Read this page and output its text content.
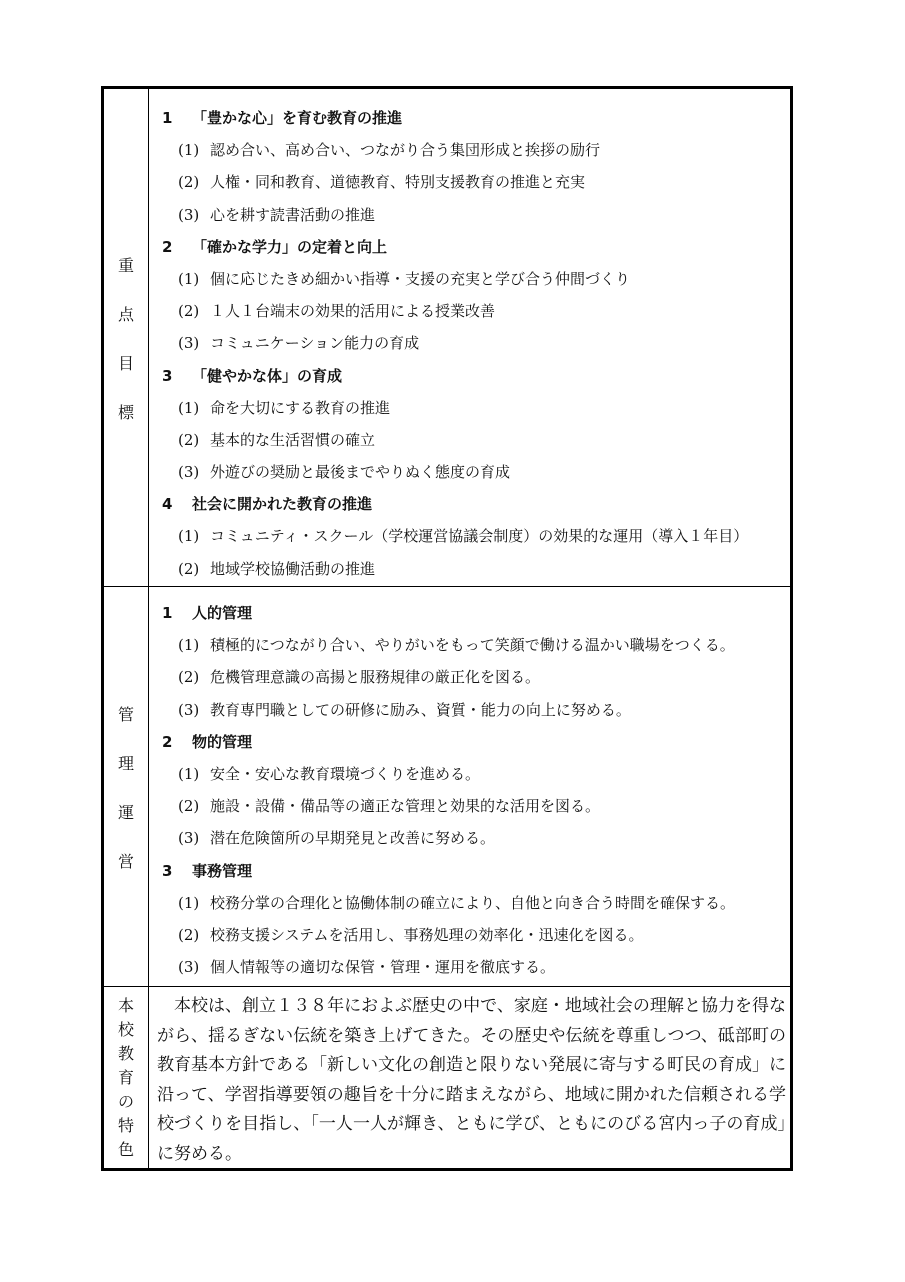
重
点
目
標
1 「豊かな心」を育む教育の推進
(1) 認め合い、高め合い、つながり合う集団形成と挨拶の励行
(2) 人権・同和教育、道徳教育、特別支援教育の推進と充実
(3) 心を耕す読書活動の推進
2 「確かな学力」の定着と向上
(1) 個に応じたきめ細かい指導・支援の充実と学び合う仲間づくり
(2) １人１台端末の効果的活用による授業改善
(3) コミュニケーション能力の育成
3 「健やかな体」の育成
(1) 命を大切にする教育の推進
(2) 基本的な生活習慣の確立
(3) 外遊びの奨励と最後までやりぬく態度の育成
4 社会に開かれた教育の推進
(1) コミュニティ・スクール（学校運営協議会制度）の効果的な運用（導入１年目）
(2) 地域学校協働活動の推進
管
理
運
営
1 人的管理
(1) 積極的につながり合い、やりがいをもって笑顔で働ける温かい職場をつくる。
(2) 危機管理意識の高揚と服務規律の厳正化を図る。
(3) 教育専門職としての研修に励み、資質・能力の向上に努める。
2 物的管理
(1) 安全・安心な教育環境づくりを進める。
(2) 施設・設備・備品等の適正な管理と効果的な活用を図る。
(3) 潜在危険箇所の早期発見と改善に努める。
3 事務管理
(1) 校務分掌の合理化と協働体制の確立により、自他と向き合う時間を確保する。
(2) 校務支援システムを活用し、事務処理の効率化・迅速化を図る。
(3) 個人情報等の適切な保管・管理・運用を徹底する。
本
校
教
育
の
特
色

　本校は、創立１３８年におよぶ歴史の中で、家庭・地域社会の理解と協力を得ながら、揺るぎない伝統を築き上げてきた。その歴史や伝統を尊重しつつ、砥部町の教育基本方針である「新しい文化の創造と限りない発展に寄与する町民の育成」に沿って、学習指導要領の趣旨を十分に踏まえながら、地域に開かれた信頼される学校づくりを目指し、「一人一人が輝き、ともに学び、ともにのびる宮内っ子の育成」に努める。
